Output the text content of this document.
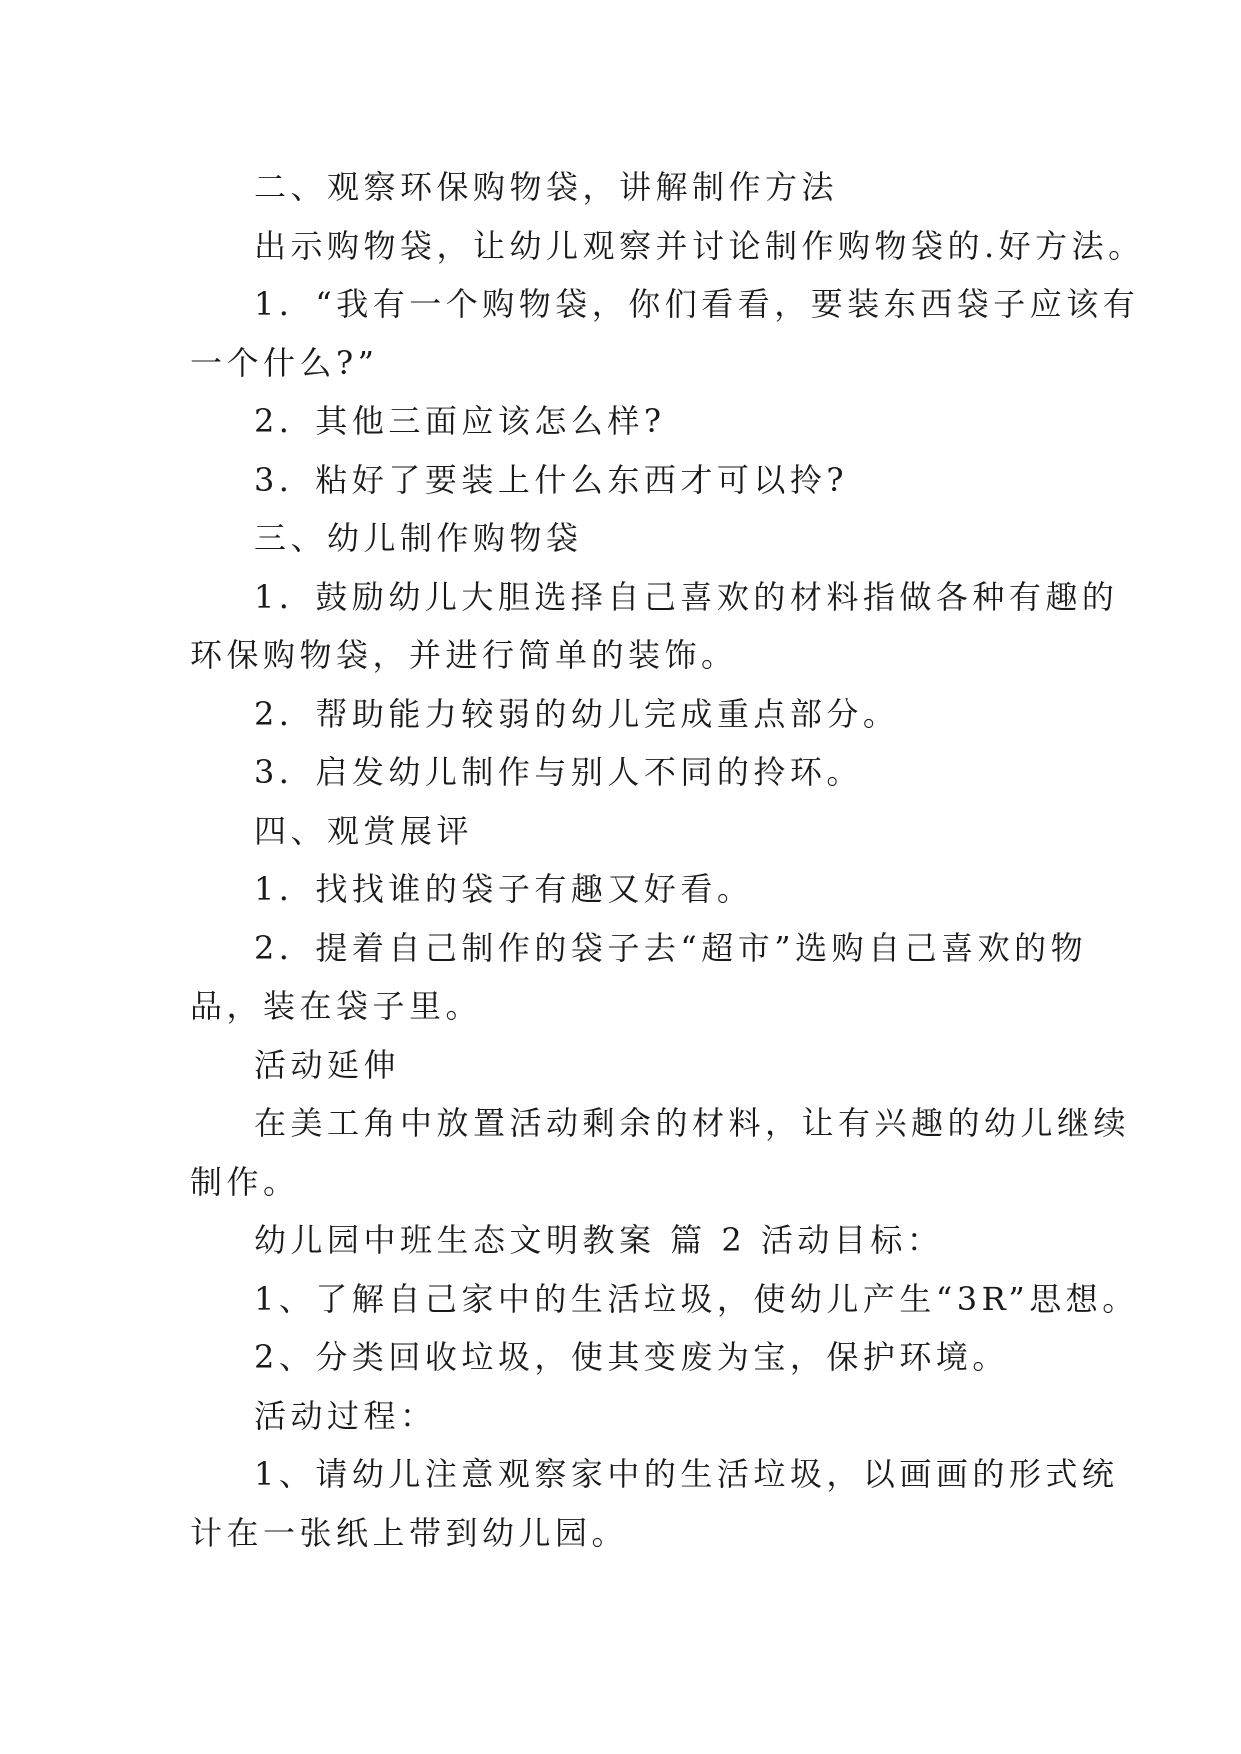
二、观察环保购物袋，讲解制作方法

出示购物袋，让幼儿观察并讨论制作购物袋的.好方法。

1．“我有一个购物袋，你们看看，要装东西袋子应该有

一个什么?”

2．其他三面应该怎么样?

3．粘好了要装上什么东西才可以拎?

三、幼儿制作购物袋

1．鼓励幼儿大胆选择自己喜欢的材料指做各种有趣的

环保购物袋，并进行简单的装饰。

2．帮助能力较弱的幼儿完成重点部分。

3．启发幼儿制作与别人不同的拎环。

四、观赏展评

1．找找谁的袋子有趣又好看。

2．提着自己制作的袋子去“超市”选购自己喜欢的物

品，装在袋子里。

活动延伸

在美工角中放置活动剩余的材料，让有兴趣的幼儿继续

制作。

幼儿园中班生态文明教案 篇 2 活动目标：

1、了解自己家中的生活垃圾，使幼儿产生“3R”思想。

2、分类回收垃圾，使其变废为宝，保护环境。

活动过程：

1、请幼儿注意观察家中的生活垃圾，以画画的形式统

计在一张纸上带到幼儿园。
